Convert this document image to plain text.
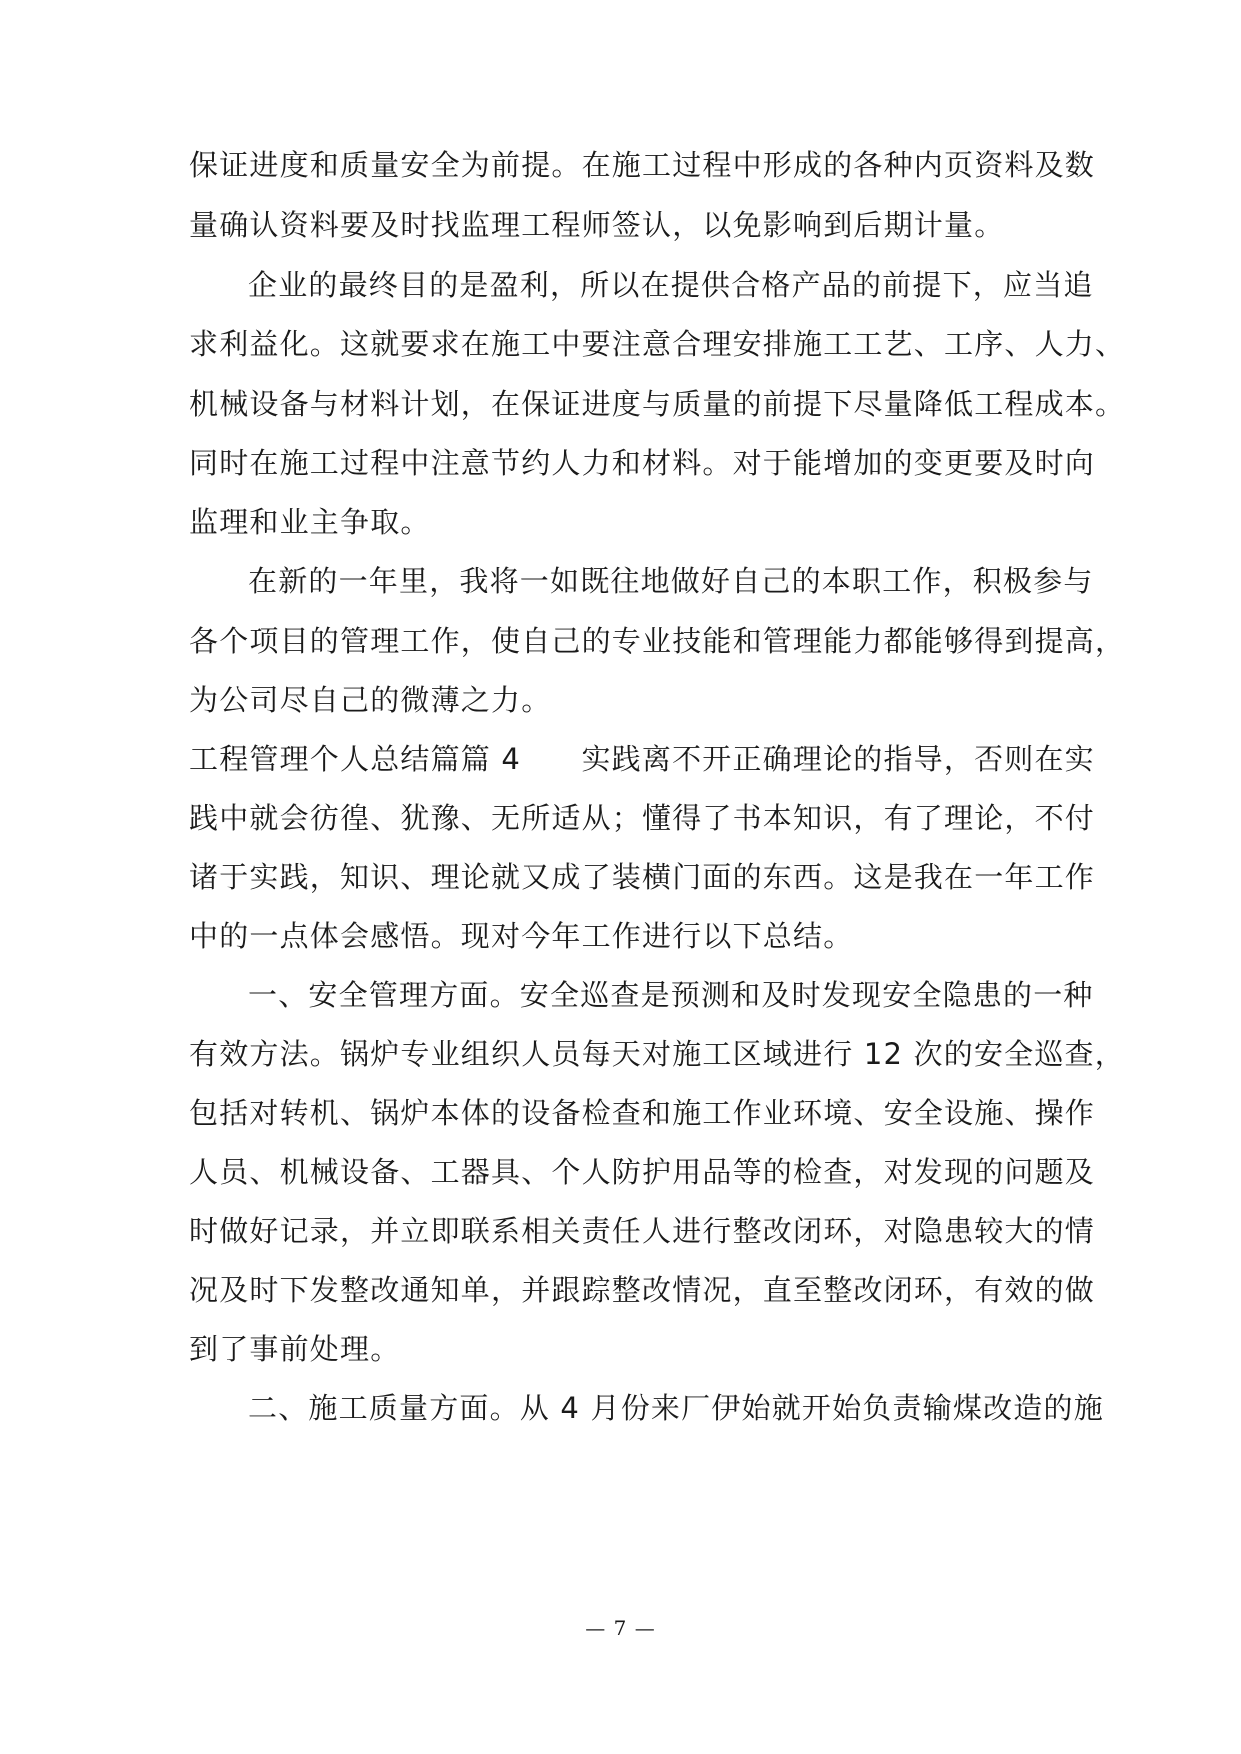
保证进度和质量安全为前提。在施工过程中形成的各种内页资料及数
量确认资料要及时找监理工程师签认，以免影响到后期计量。
企业的最终目的是盈利，所以在提供合格产品的前提下，应当追
求利益化。这就要求在施工中要注意合理安排施工工艺、工序、人力、
机械设备与材料计划，在保证进度与质量的前提下尽量降低工程成本。
同时在施工过程中注意节约人力和材料。对于能增加的变更要及时向
监理和业主争取。
在新的一年里，我将一如既往地做好自己的本职工作，积极参与
各个项目的管理工作，使自己的专业技能和管理能力都能够得到提高，
为公司尽自己的微薄之力。
工程管理个人总结篇篇 4　　实践离不开正确理论的指导，否则在实
践中就会彷徨、犹豫、无所适从；懂得了书本知识，有了理论，不付
诸于实践，知识、理论就又成了装横门面的东西。这是我在一年工作
中的一点体会感悟。现对今年工作进行以下总结。
一、安全管理方面。安全巡查是预测和及时发现安全隐患的一种
有效方法。锅炉专业组织人员每天对施工区域进行 12 次的安全巡查，
包括对转机、锅炉本体的设备检查和施工作业环境、安全设施、操作
人员、机械设备、工器具、个人防护用品等的检查，对发现的问题及
时做好记录，并立即联系相关责任人进行整改闭环，对隐患较大的情
况及时下发整改通知单，并跟踪整改情况，直至整改闭环，有效的做
到了事前处理。
二、施工质量方面。从 4 月份来厂伊始就开始负责输煤改造的施
— 7 —
